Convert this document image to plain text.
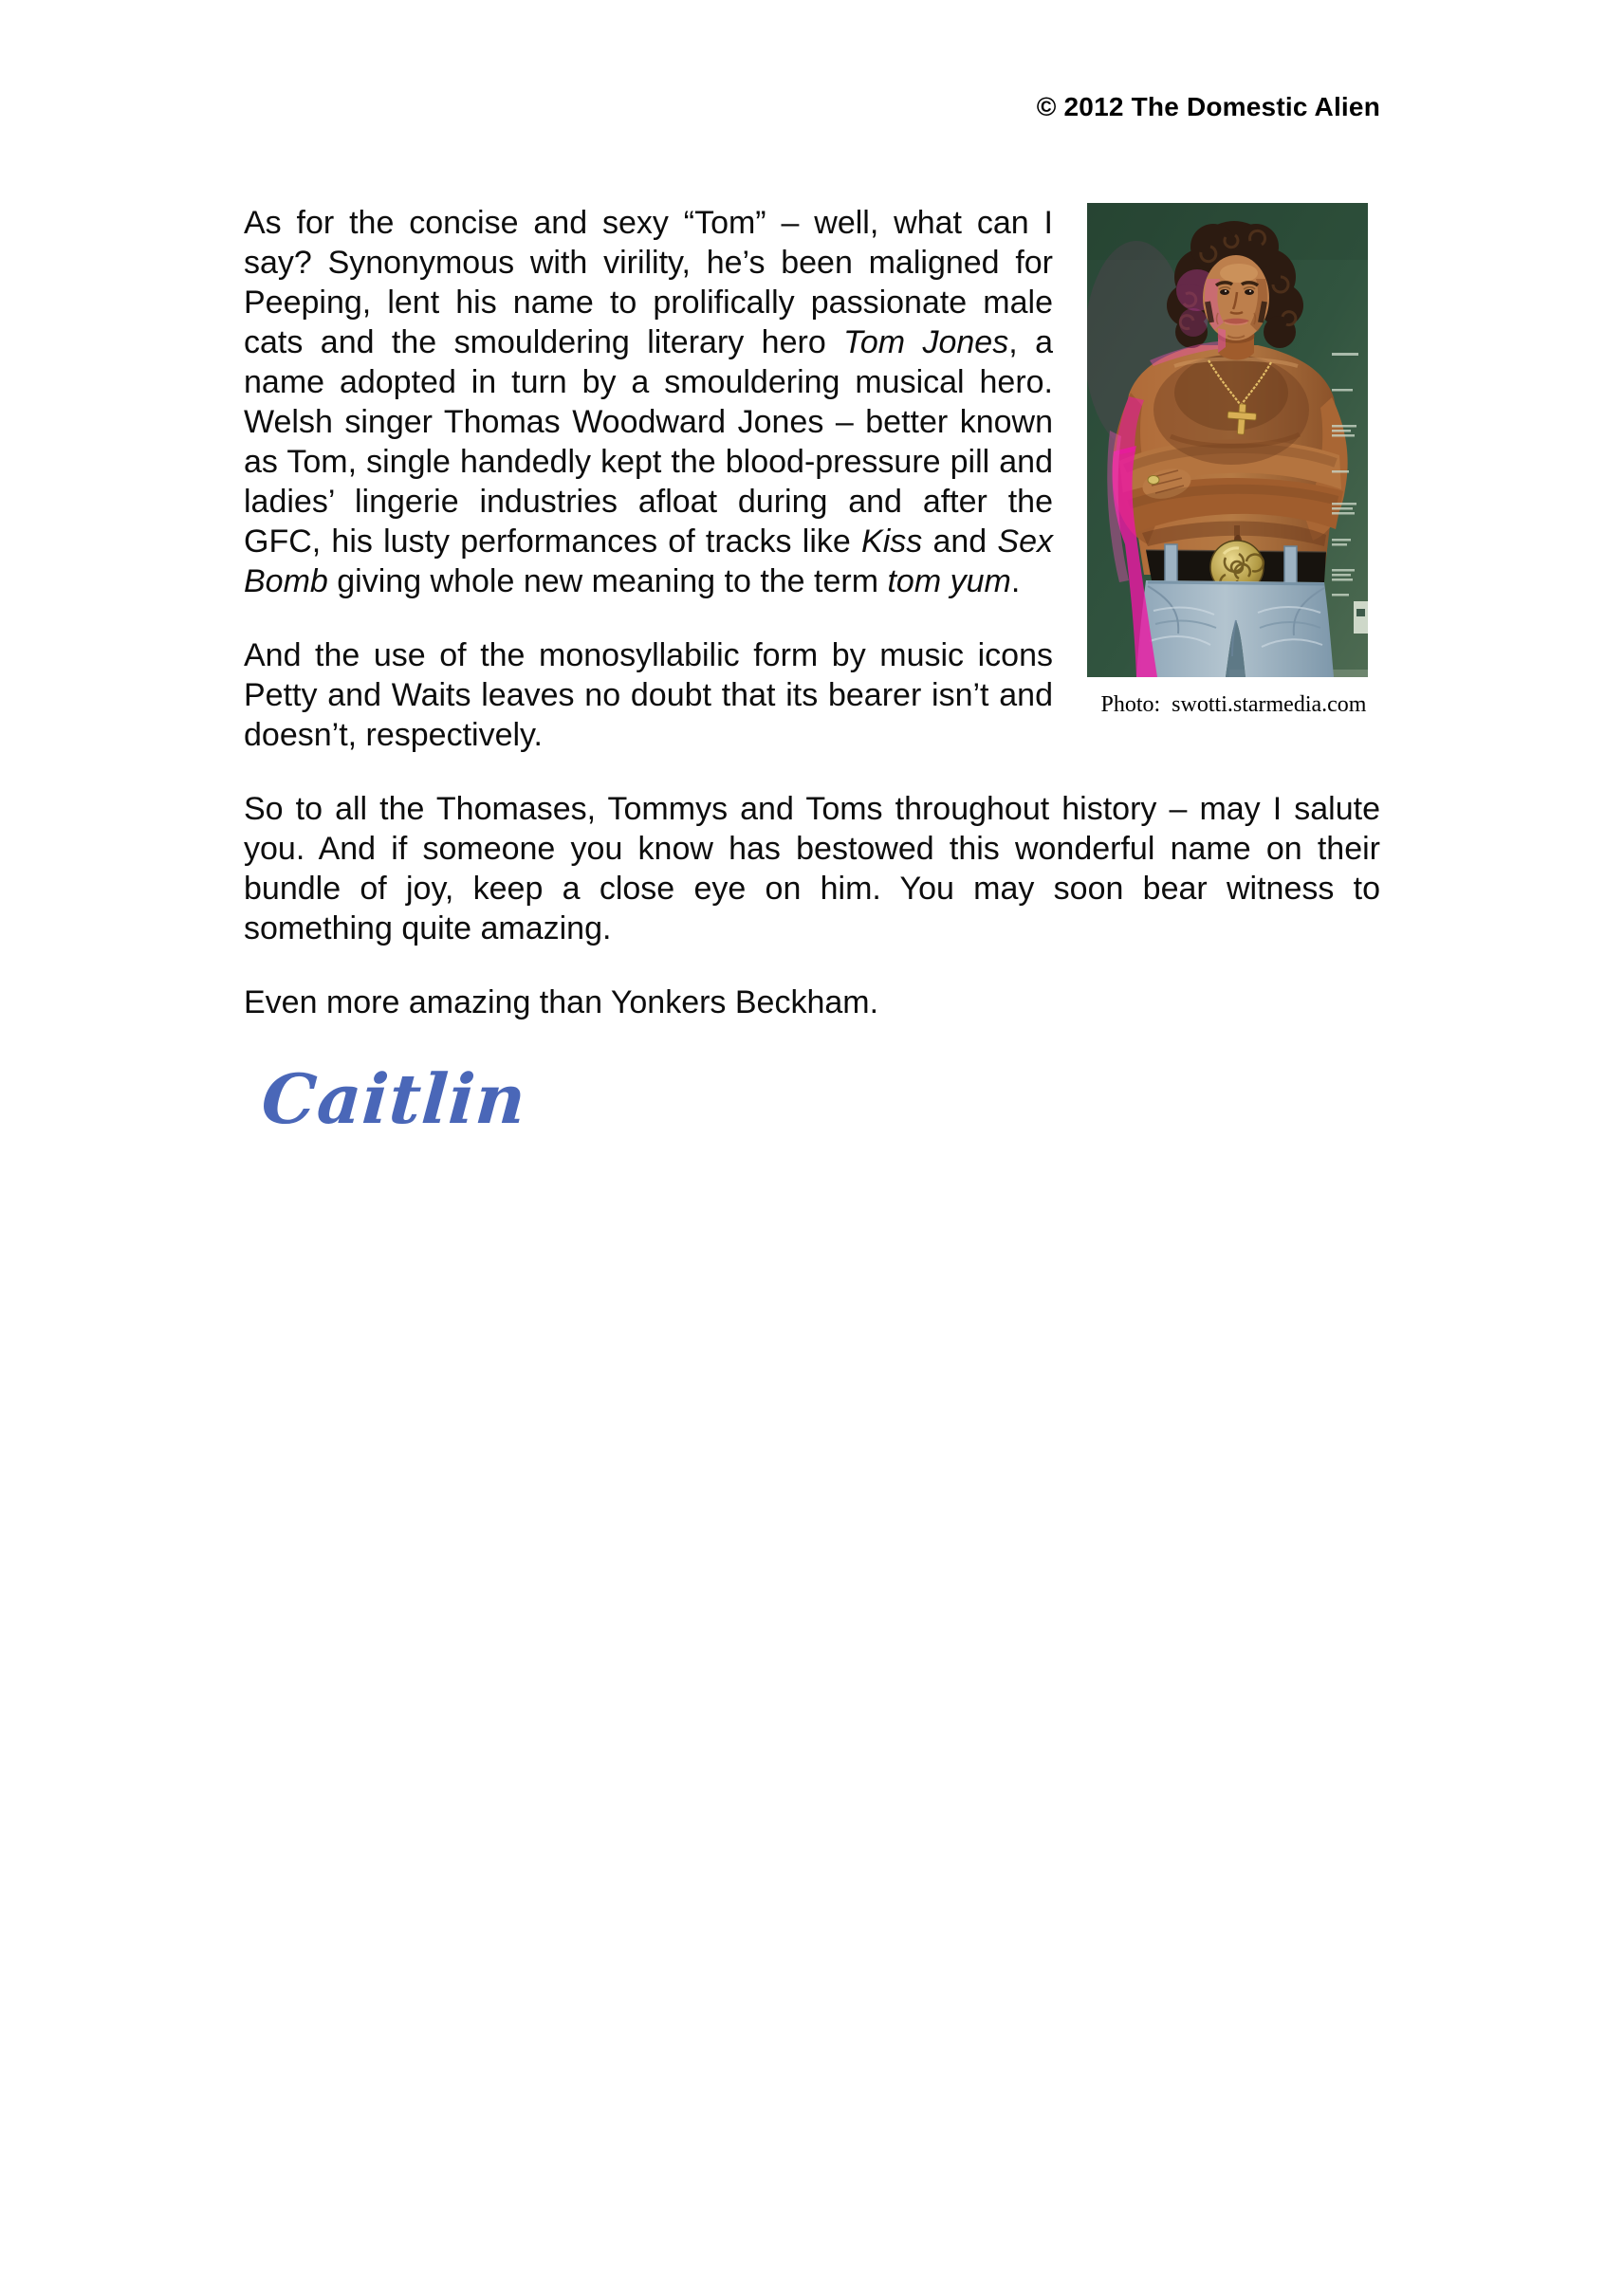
© 2012 The Domestic Alien
Photo:  swotti.starmedia.com

As for the concise and sexy “Tom” – well, what can I say? Synonymous with virility, he’s been maligned for Peeping, lent his name to prolifically passionate male cats and the smouldering literary hero Tom Jones, a name adopted in turn by a smouldering musical hero. Welsh singer Thomas Woodward Jones – better known as Tom, single handedly kept the blood-pressure pill and ladies’ lingerie industries afloat during and after the GFC, his lusty performances of tracks like Kiss and Sex Bomb giving whole new meaning to the term tom yum.

And the use of the monosyllabilic form by music icons Petty and Waits leaves no doubt that its bearer isn’t and doesn’t, respectively.

So to all the Thomases, Tommys and Toms throughout history – may I salute you. And if someone you know has bestowed this wonderful name on their bundle of joy, keep a close eye on him. You may soon bear witness to something quite amazing.

Even more amazing than Yonkers Beckham.

Caitlin
